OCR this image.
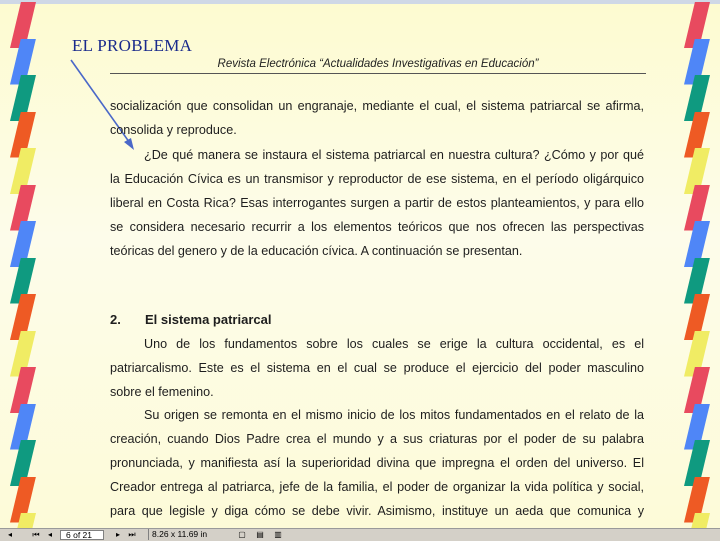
EL PROBLEMA
Revista Electrónica “Actualidades Investigativas en Educación”
socialización que consolidan un engranaje, mediante el cual, el sistema patriarcal se afirma,
consolida y reproduce.
¿De qué manera se instaura el sistema patriarcal en nuestra cultura? ¿Cómo y por qué
la Educación Cívica es un transmisor y reproductor de ese sistema, en el período oligárquico
liberal en Costa Rica? Esas interrogantes surgen a partir de estos planteamientos, y para ello
se considera necesario recurrir a los elementos teóricos que nos ofrecen las perspectivas
teóricas del genero y de la educación cívica. A continuación se presentan.
2. El sistema patriarcal
Uno de los fundamentos sobre los cuales se erige la cultura occidental, es el
patriarcalismo. Este es el sistema en el cual se produce el ejercicio del poder masculino
sobre el femenino.
Su origen se remonta en el mismo inicio de los mitos fundamentados en el relato de la
creación, cuando Dios Padre crea el mundo y a sus criaturas por el poder de su palabra
pronunciada, y manifiesta así la superioridad divina que impregna el orden del universo. El
Creador entrega al patriarca, jefe de la familia, el poder de organizar la vida política y social,
para que legisle y diga cómo se debe vivir. Asimismo, instituye un aeda que comunica y
◂	⏮	◂	6 of 21	▸	⏭	8.26 x 11.69 in	▢ ▤ ▥
